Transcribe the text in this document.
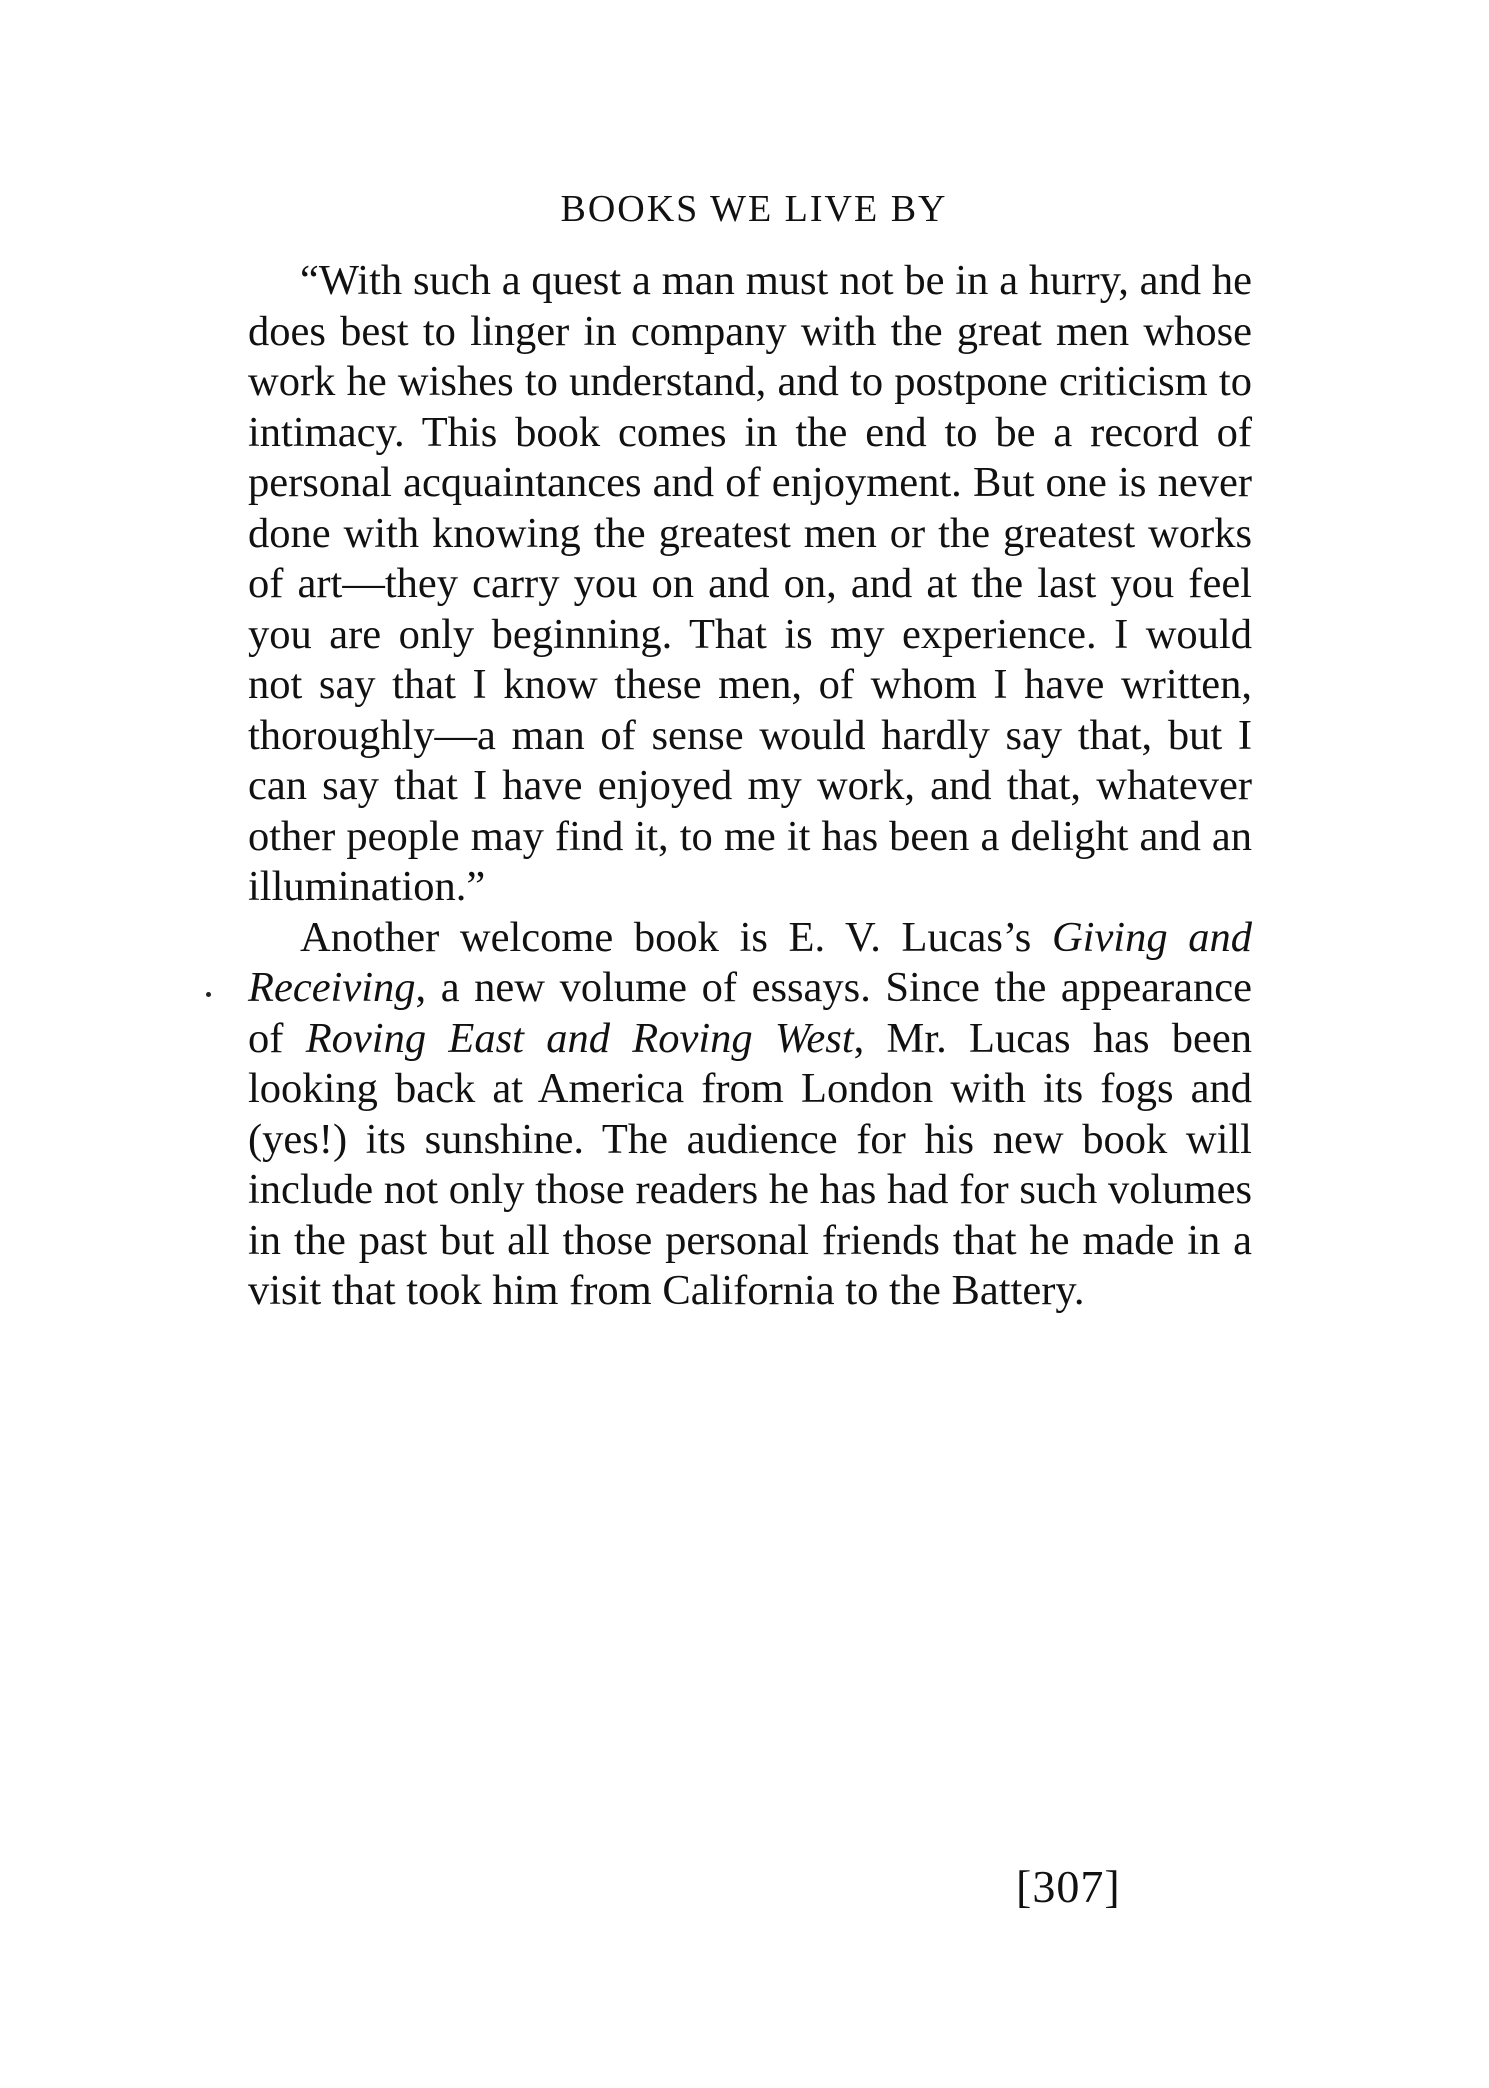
BOOKS WE LIVE BY

“With such a quest a man must not be in a hurry, and he does best to linger in company with the great men whose work he wishes to understand, and to postpone criticism to intimacy. This book comes in the end to be a record of personal acquaintances and of enjoyment. But one is never done with knowing the greatest men or the greatest works of art—they carry you on and on, and at the last you feel you are only beginning. That is my experience. I would not say that I know these men, of whom I have written, thoroughly—a man of sense would hardly say that, but I can say that I have enjoyed my work, and that, whatever other people may find it, to me it has been a delight and an illumination.”

Another welcome book is E. V. Lucas’s Giving and Receiving, a new volume of essays. Since the appearance of Roving East and Roving West, Mr. Lucas has been looking back at America from London with its fogs and (yes!) its sunshine. The audience for his new book will include not only those readers he has had for such volumes in the past but all those personal friends that he made in a visit that took him from California to the Battery.

[307]
